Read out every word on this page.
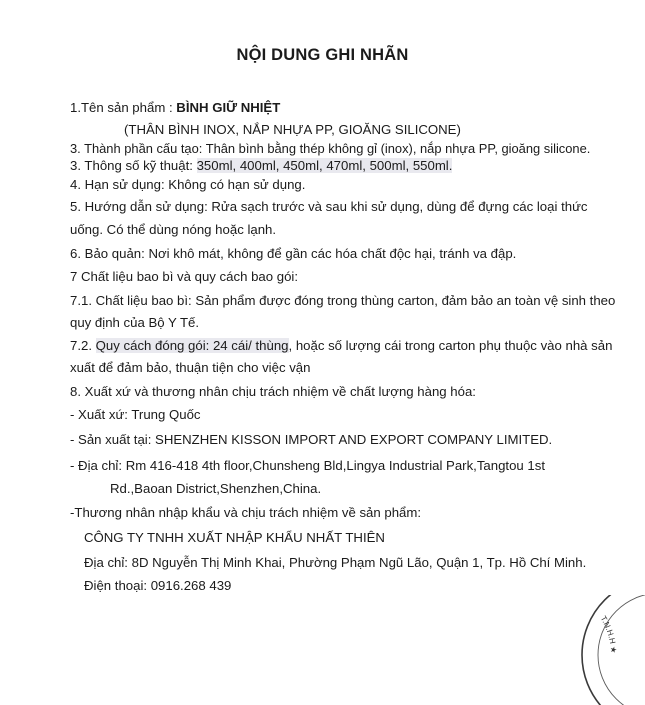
NỘI DUNG GHI NHÃN
1.Tên sản phẩm : BÌNH GIỮ NHIỆT
(THÂN BÌNH INOX, NẮP NHỰA PP, GIOĂNG SILICONE)
3. Thành phần cấu tạo: Thân bình bằng thép không gỉ (inox), nắp nhựa PP, gioăng silicone.
3. Thông số kỹ thuật: 350ml, 400ml, 450ml, 470ml, 500ml, 550ml.
4. Hạn sử dụng: Không có hạn sử dụng.
5. Hướng dẫn sử dụng: Rửa sạch trước và sau khi sử dụng, dùng để đựng các loại thức
uống. Có thể dùng nóng hoặc lạnh.
6. Bảo quản: Nơi khô mát, không để gần các hóa chất độc hại, tránh va đập.
7 Chất liệu bao bì và quy cách bao gói:
7.1. Chất liệu bao bì: Sản phẩm được đóng trong thùng carton, đảm bảo an toàn vệ sinh theo
quy định của Bộ Y Tế.
7.2. Quy cách đóng gói: 24 cái/ thùng, hoặc số lượng cái trong carton phụ thuộc vào nhà sản
xuất để đảm bảo, thuận tiện cho việc vận
8. Xuất xứ và thương nhân chịu trách nhiệm về chất lượng hàng hóa:
- Xuất xứ: Trung Quốc
- Sản xuất tại: SHENZHEN KISSON IMPORT AND EXPORT COMPANY LIMITED.
- Địa chỉ: Rm 416-418 4th floor,Chunsheng Bld,Lingya Industrial Park,Tangtou 1st
Rd.,Baoan District,Shenzhen,China.
-Thương nhân nhập khẩu và chịu trách nhiệm về sản phẩm:
CÔNG TY TNHH XUẤT NHẬP KHẨU NHẤT THIÊN
Địa chỉ: 8D Nguyễn Thị Minh Khai, Phường Phạm Ngũ Lão, Quận 1, Tp. Hồ Chí Minh.
Điện thoại: 0916.268 439
T.N.H.H ★
